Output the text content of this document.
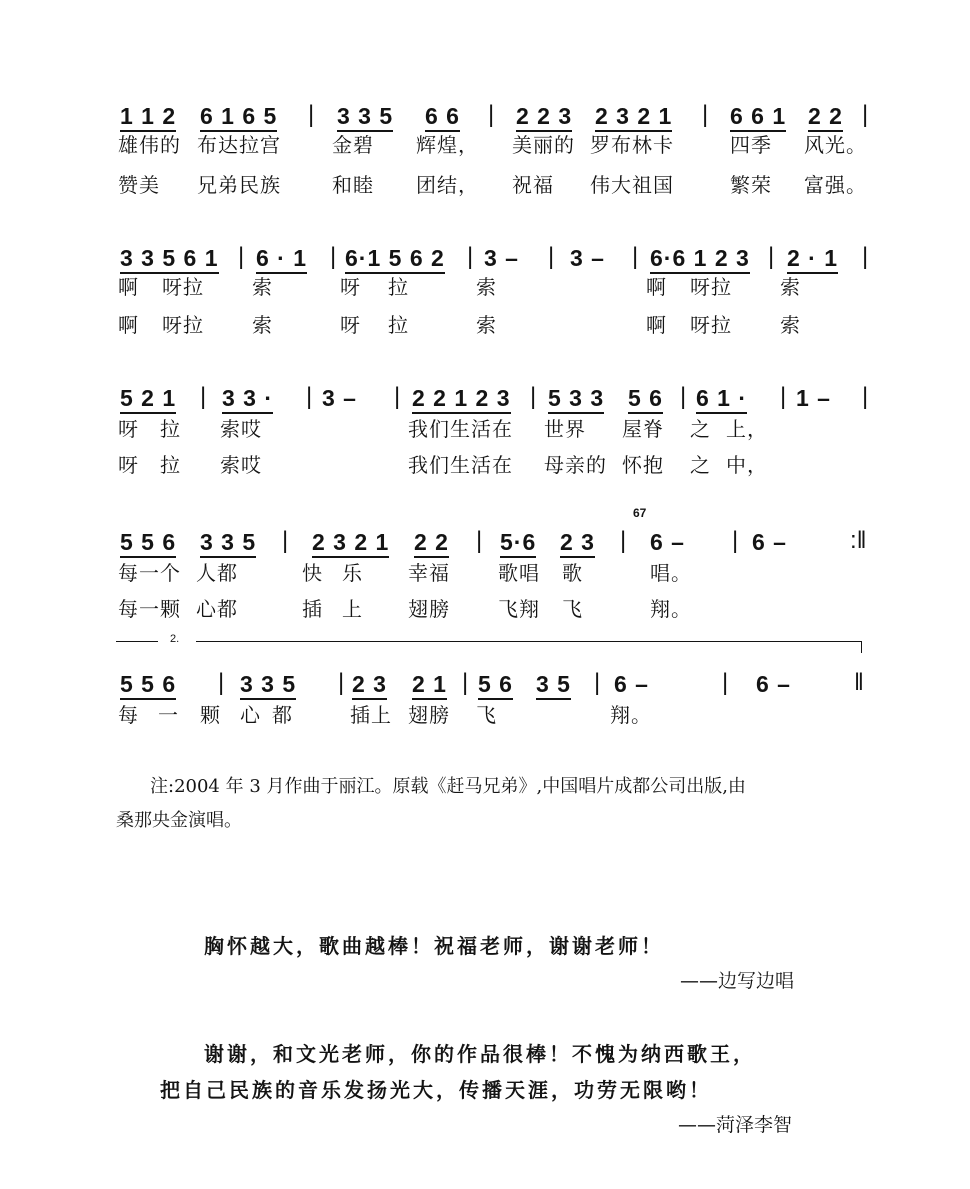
1 1 2 6 1 6 5 | 3 3 5 6 6 | 2 2 3 2 3 2 1 | 6 6 1 2 2 |
雄伟的 布达拉宫	金碧 辉煌， 美丽的 罗布林卡	四季 风光。
赞美 兄弟民族	和睦 团结， 祝福 伟大祖国	繁荣 富强。
3 3 5 6 1 | 6 · 1 | 6·1 5 6 2 | 3 – | 3 – | 6·6 1 2 3 | 2 · 1 |
啊 呀拉 索	呀 拉	索	啊 呀拉 索
啊 呀拉 索	呀 拉	索	啊 呀拉 索
5 2 1 | 3 3 · | 3 – | 2 2 1 2 3 | 5 3 3 5 6 | 6 1 · | 1 – |
呀 拉 索哎	我们生活在 世界 屋脊 之 上，
呀 拉 索哎	我们生活在 母亲的 怀抱 之 中，
5 5 6 3 3 5 | 2 3 2 1 2 2 | 5·6 2 3 | 6 – | 6 –	:‖
每一个 人都	快 乐 幸福 歌唱 歌	唱。
每一颗 心都	插 上 翅膀 飞翔 飞	翔。
5 5 6 | 3 3 5 | 2 3 2 1 | 5 6 3 5 | 6 –	| 6 –	‖
每 一 颗 心 都	插上 翅膀 飞	翔。
2.
67
注:2004 年 3 月作曲于丽江。原载《赶马兄弟》,中国唱片成都公司出版,由
桑那央金演唱。
胸怀越大，歌曲越棒！祝福老师，谢谢老师！
——边写边唱
谢谢，和文光老师，你的作品很棒！不愧为纳西歌王，
把自己民族的音乐发扬光大，传播天涯，功劳无限哟！
——菏泽李智
